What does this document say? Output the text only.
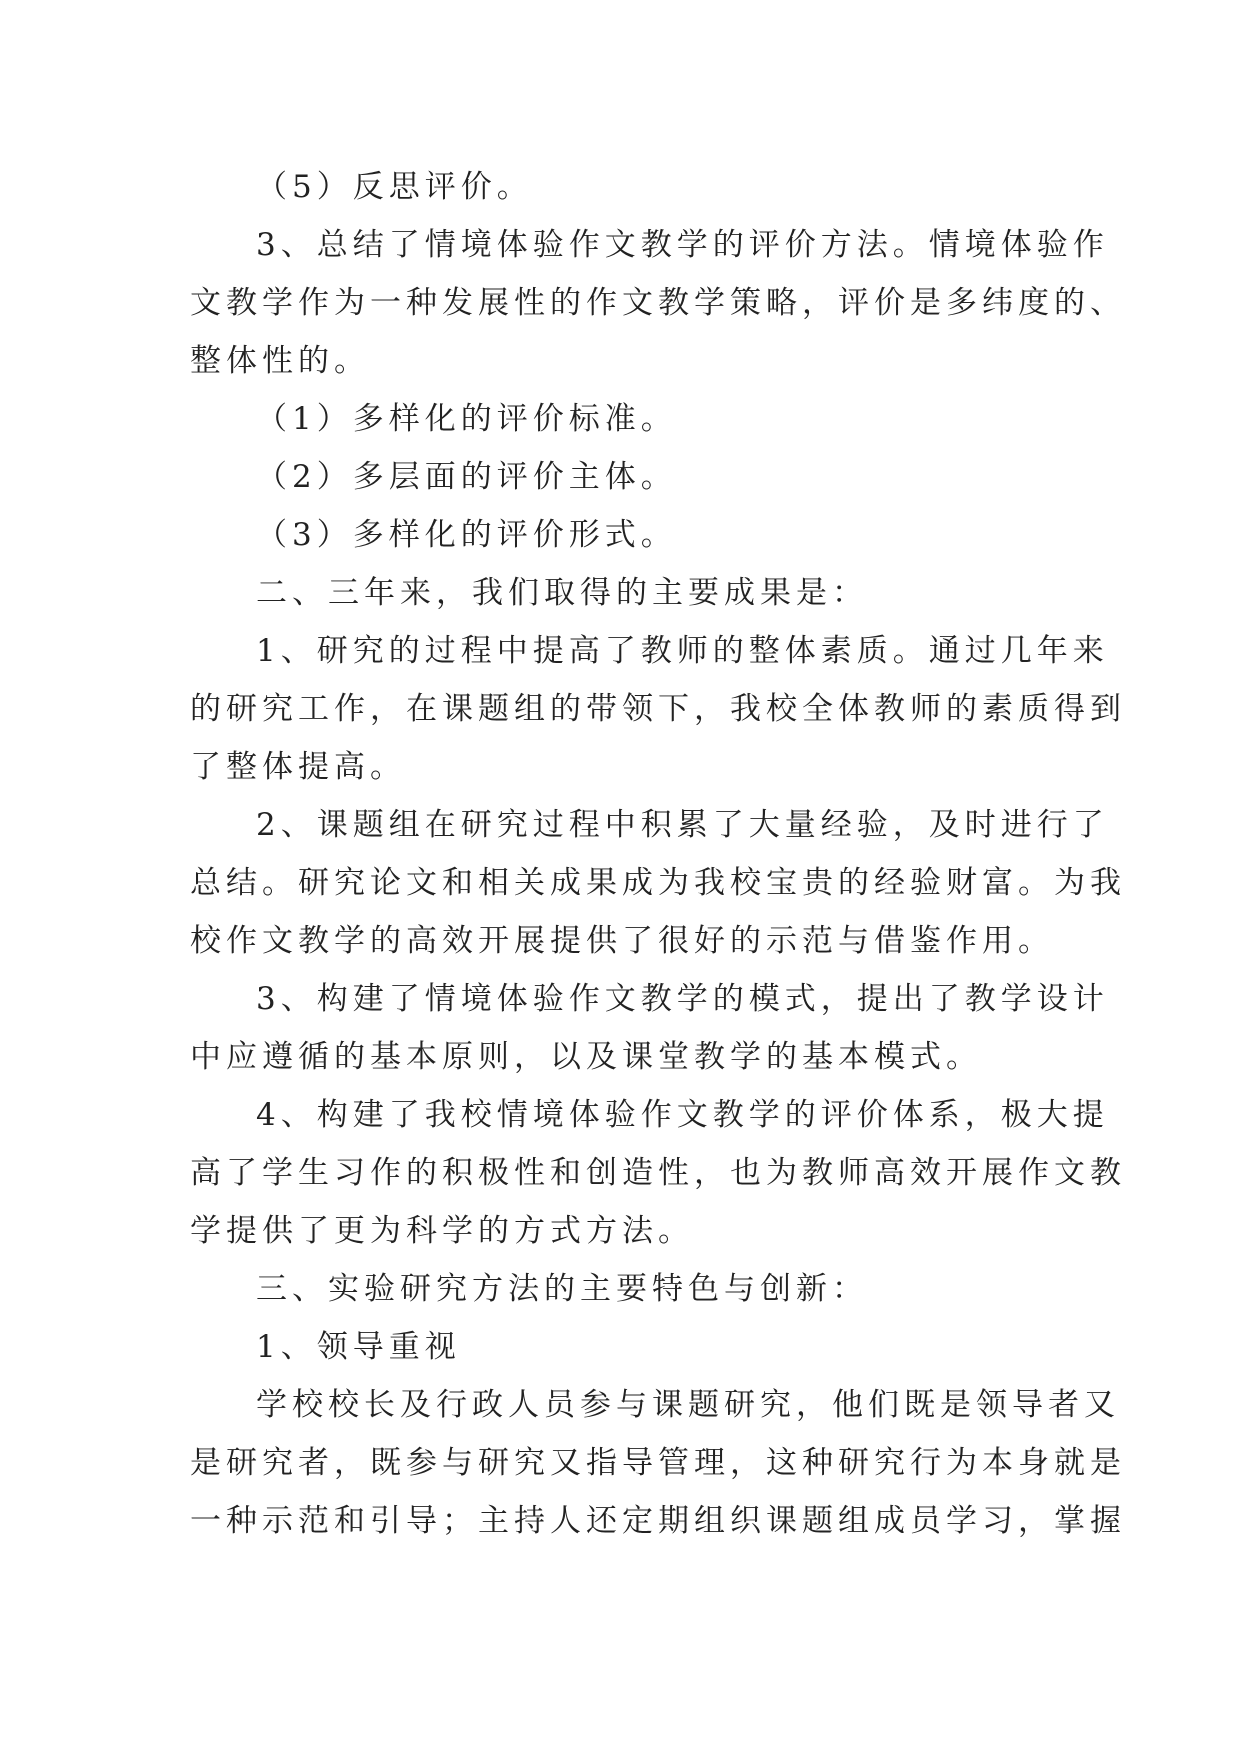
（5）反思评价。

3、总结了情境体验作文教学的评价方法。情境体验作

文教学作为一种发展性的作文教学策略，评价是多纬度的、

整体性的。

（1）多样化的评价标准。

（2）多层面的评价主体。

（3）多样化的评价形式。

二、三年来，我们取得的主要成果是：

1、研究的过程中提高了教师的整体素质。通过几年来

的研究工作，在课题组的带领下，我校全体教师的素质得到

了整体提高。

2、课题组在研究过程中积累了大量经验，及时进行了

总结。研究论文和相关成果成为我校宝贵的经验财富。为我

校作文教学的高效开展提供了很好的示范与借鉴作用。

3、构建了情境体验作文教学的模式，提出了教学设计

中应遵循的基本原则，以及课堂教学的基本模式。

4、构建了我校情境体验作文教学的评价体系，极大提

高了学生习作的积极性和创造性，也为教师高效开展作文教

学提供了更为科学的方式方法。

三、实验研究方法的主要特色与创新：

1、领导重视

学校校长及行政人员参与课题研究，他们既是领导者又

是研究者，既参与研究又指导管理，这种研究行为本身就是

一种示范和引导；主持人还定期组织课题组成员学习，掌握
